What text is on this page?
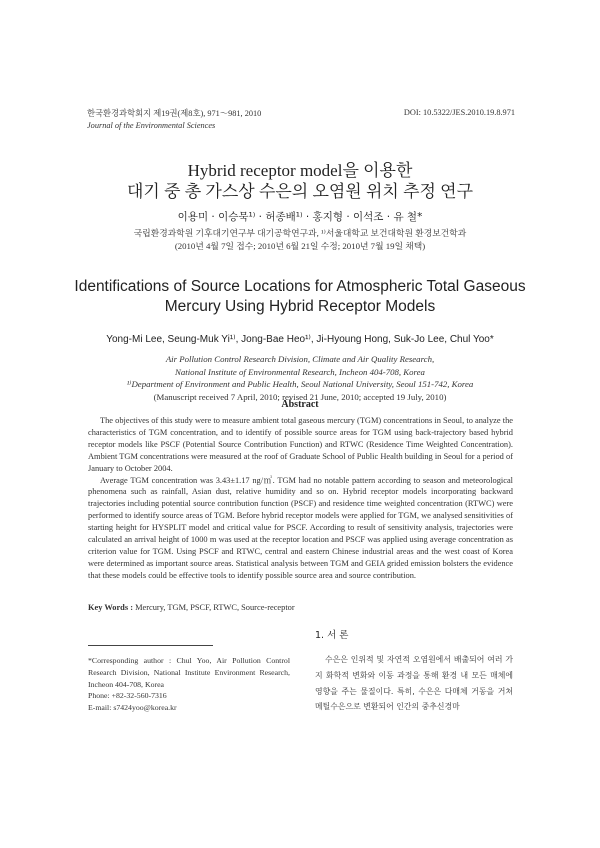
한국환경과학회지 제19권(제8호), 971～981, 2010
Journal of the Environmental Sciences
DOI: 10.5322/JES.2010.19.8.971
Hybrid receptor model을 이용한
대기 중 총 가스상 수은의 오염원 위치 추정 연구
이용미 · 이승묵¹⁾ · 허종배¹⁾ · 홍지형 · 이석조 · 유 철*
국립환경과학원 기후대기연구부 대기공학연구과, ¹⁾서울대학교 보건대학원 환경보건학과
(2010년 4월 7일 접수; 2010년 6월 21일 수정; 2010년 7월 19일 채택)
Identifications of Source Locations for Atmospheric Total Gaseous
Mercury Using Hybrid Receptor Models
Yong-Mi Lee, Seung-Muk Yi¹⁾, Jong-Bae Heo¹⁾, Ji-Hyoung Hong, Suk-Jo Lee, Chul Yoo*
Air Pollution Control Research Division, Climate and Air Quality Research,
National Institute of Environmental Research, Incheon 404-708, Korea
¹⁾Department of Environment and Public Health, Seoul National University, Seoul 151-742, Korea
(Manuscript received 7 April, 2010; revised 21 June, 2010; accepted 19 July, 2010)
Abstract

The objectives of this study were to measure ambient total gaseous mercury (TGM) concentrations in Seoul, to analyze the characteristics of TGM concentration, and to identify of possible source areas for TGM using back-trajectory based hybrid receptor models like PSCF (Potential Source Contribution Function) and RTWC (Residence Time Weighted Concentration). Ambient TGM concentrations were measured at the roof of Graduate School of Public Health building in Seoul for a period of January to October 2004.

Average TGM concentration was 3.43±1.17 ng/㎥. TGM had no notable pattern according to season and meteorological phenomena such as rainfall, Asian dust, relative humidity and so on. Hybrid receptor models incorporating backward trajectories including potential source contribution function (PSCF) and residence time weighted concentration (RTWC) were performed to identify source areas of TGM. Before hybrid receptor models were applied for TGM, we analysed sensitivities of starting height for HYSPLIT model and critical value for PSCF. According to result of sensitivity analysis, trajectories were calculated an arrival height of 1000 m was used at the receptor location and PSCF was applied using average concentration as criterion value for TGM. Using PSCF and RTWC, central and eastern Chinese industrial areas and the west coast of Korea were determined as important source areas. Statistical analysis between TGM and GEIA grided emission bolsters the evidence that these models could be effective tools to identify possible source area and source contribution.

Key Words : Mercury, TGM, PSCF, RTWC, Source-receptor
*Corresponding author : Chul Yoo, Air Pollution Control Research Division, National Institute Environment Research, Incheon 404-708, Korea
Phone: +82-32-560-7316
E-mail: s7424yoo@korea.kr
1. 서 론
수은은 인위적 및 자연적 오염원에서 배출되어 여러 가지 화학적 변화와 이동 과정을 통해 환경 내 모든 매체에 영향을 주는 물질이다. 특히, 수은은 다매체 거동을 거쳐 메틸수은으로 변환되어 인간의 중추신경마
